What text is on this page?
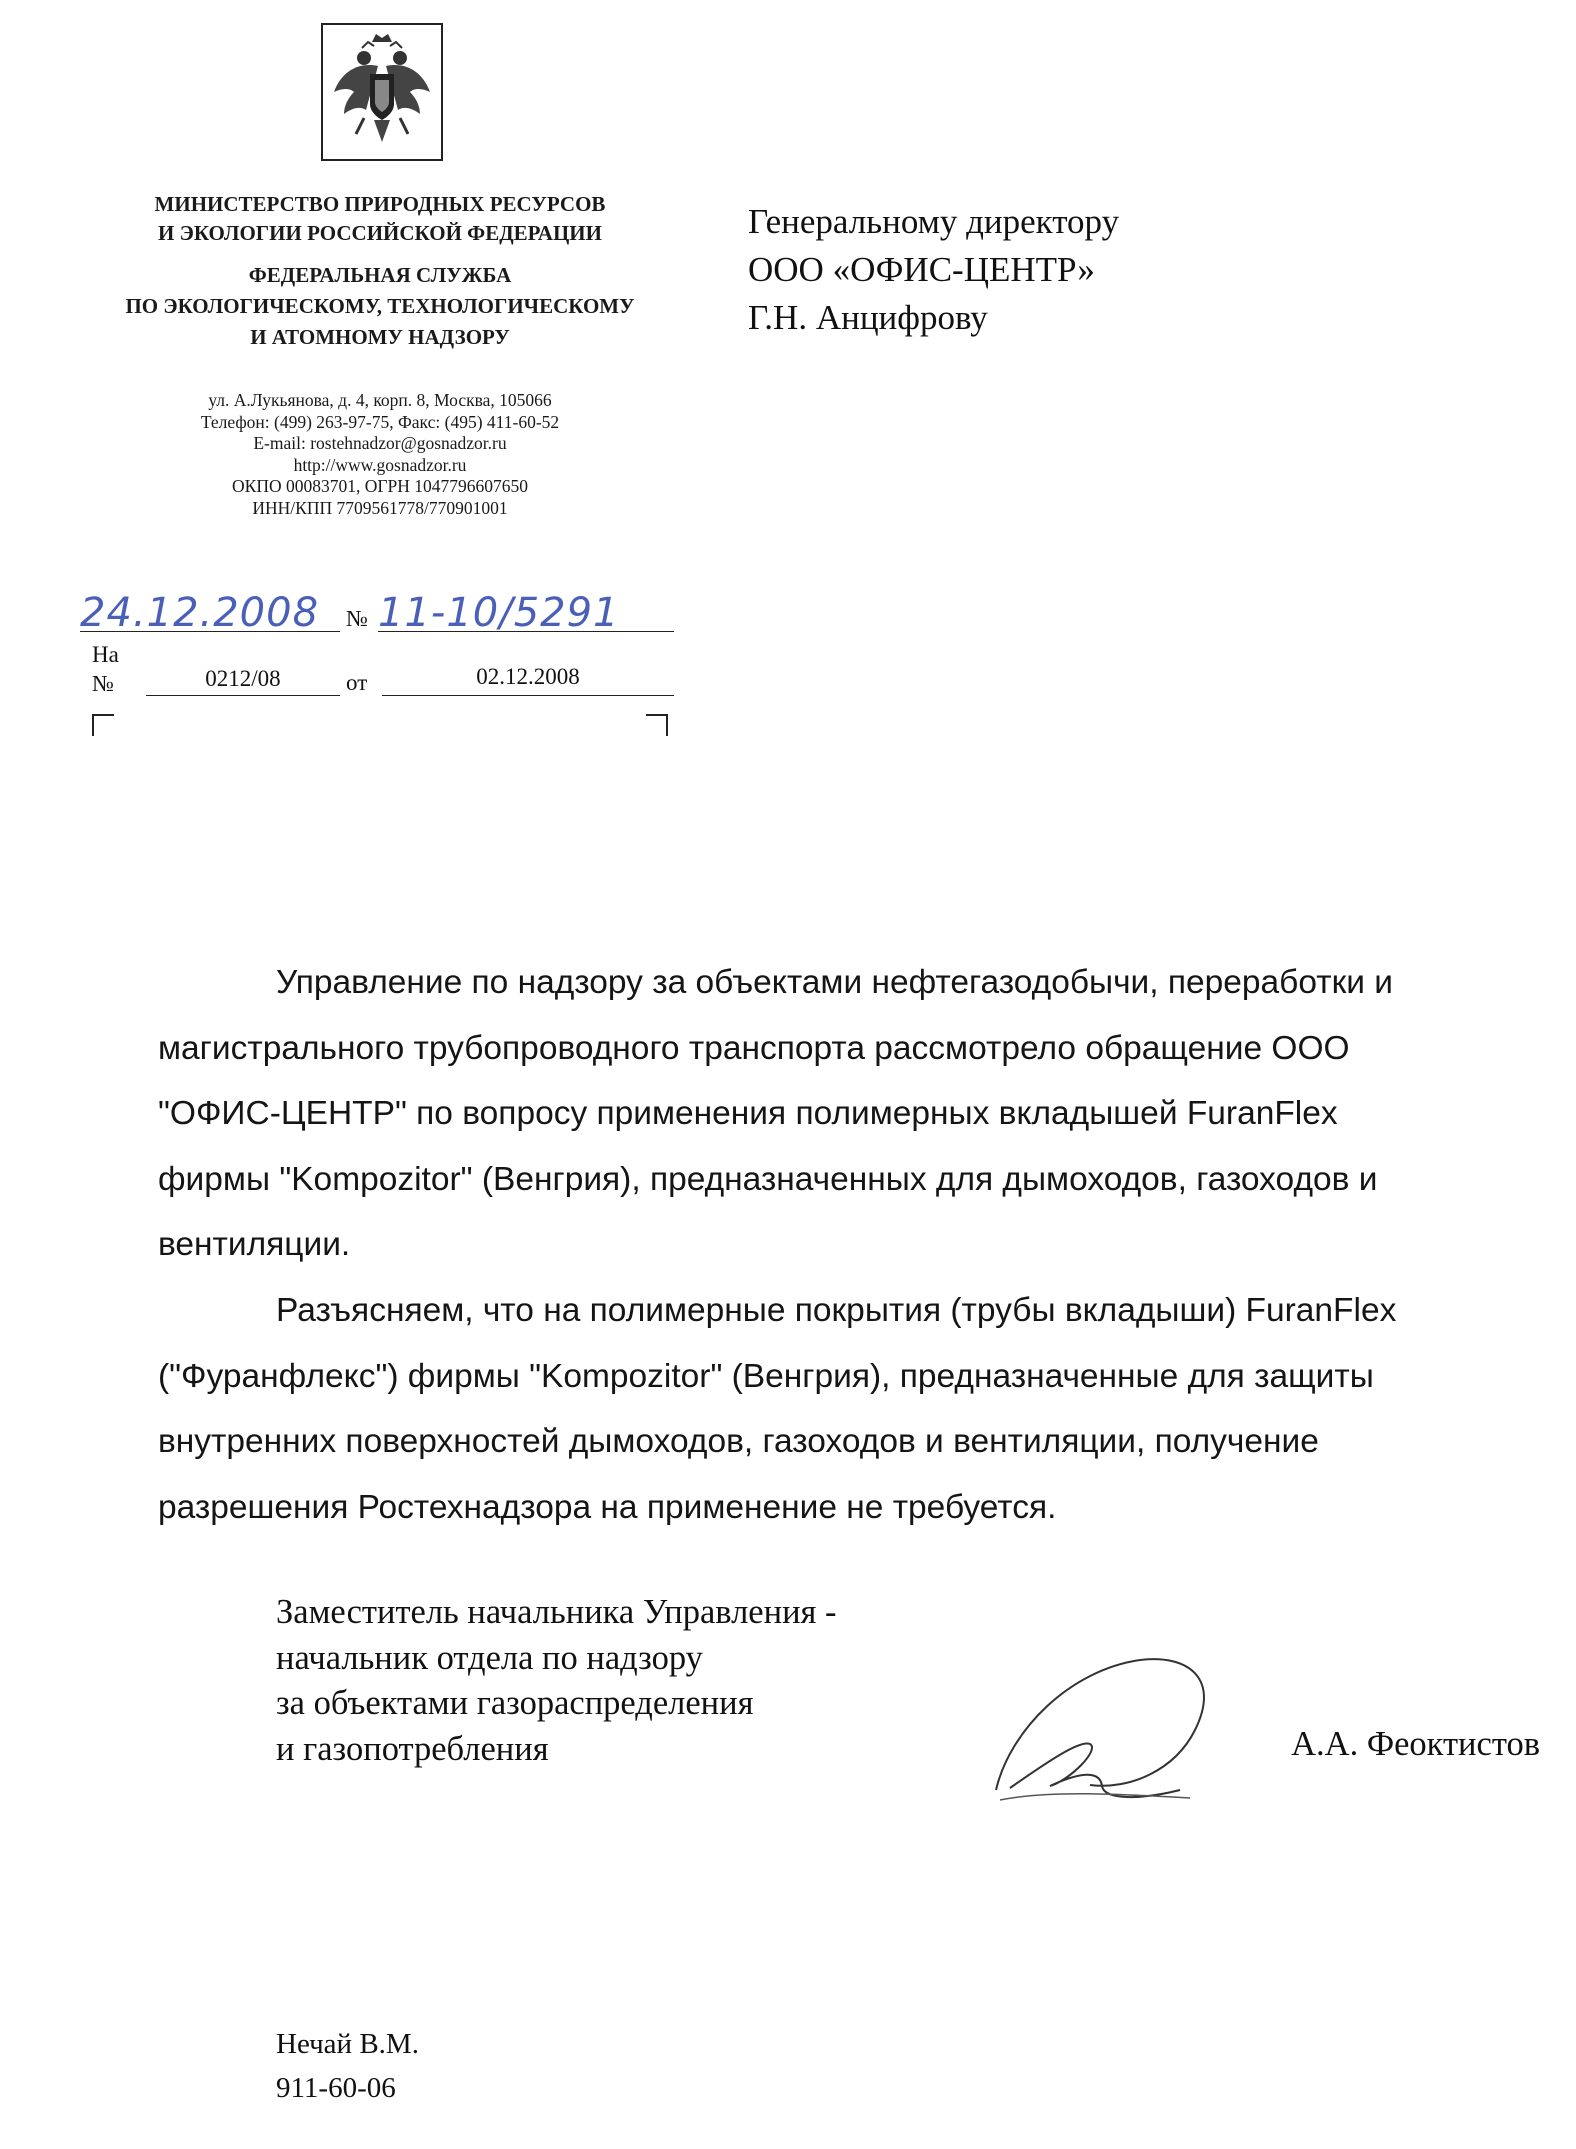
МИНИСТЕРСТВО ПРИРОДНЫХ РЕСУРСОВ
И ЭКОЛОГИИ РОССИЙСКОЙ ФЕДЕРАЦИИ
ФЕДЕРАЛЬНАЯ СЛУЖБА
ПО ЭКОЛОГИЧЕСКОМУ, ТЕХНОЛОГИЧЕСКОМУ
И АТОМНОМУ НАДЗОРУ
ул. А.Лукьянова, д. 4, корп. 8, Москва, 105066
Телефон: (499) 263-97-75, Факс: (495) 411-60-52
E-mail: rostehnadzor@gosnadzor.ru
http://www.gosnadzor.ru
ОКПО 00083701, ОГРН 1047796607650
ИНН/КПП 7709561778/770901001
Генеральному директору
ООО «ОФИС-ЦЕНТР»
Г.Н. Анцифрову
24.12.2008 № 11-10/5291
На
№	0212/08	от	02.12.2008
Управление по надзору за объектами нефтегазодобычи, переработки и
магистрального трубопроводного транспорта рассмотрело обращение ООО
"ОФИС-ЦЕНТР" по вопросу применения полимерных вкладышей FuranFlex
фирмы "Kompozitor" (Венгрия), предназначенных для дымоходов, газоходов и
вентиляции.
Разъясняем, что на полимерные покрытия (трубы вкладыши) FuranFlex
("Фуранфлекс") фирмы "Kompozitor" (Венгрия), предназначенные для защиты
внутренних поверхностей дымоходов, газоходов и вентиляции, получение
разрешения Ростехнадзора на применение не требуется.
Заместитель начальника Управления -
начальник отдела по надзору
за объектами газораспределения
и газопотребления	А.А. Феоктистов
Нечай В.М.
911-60-06
